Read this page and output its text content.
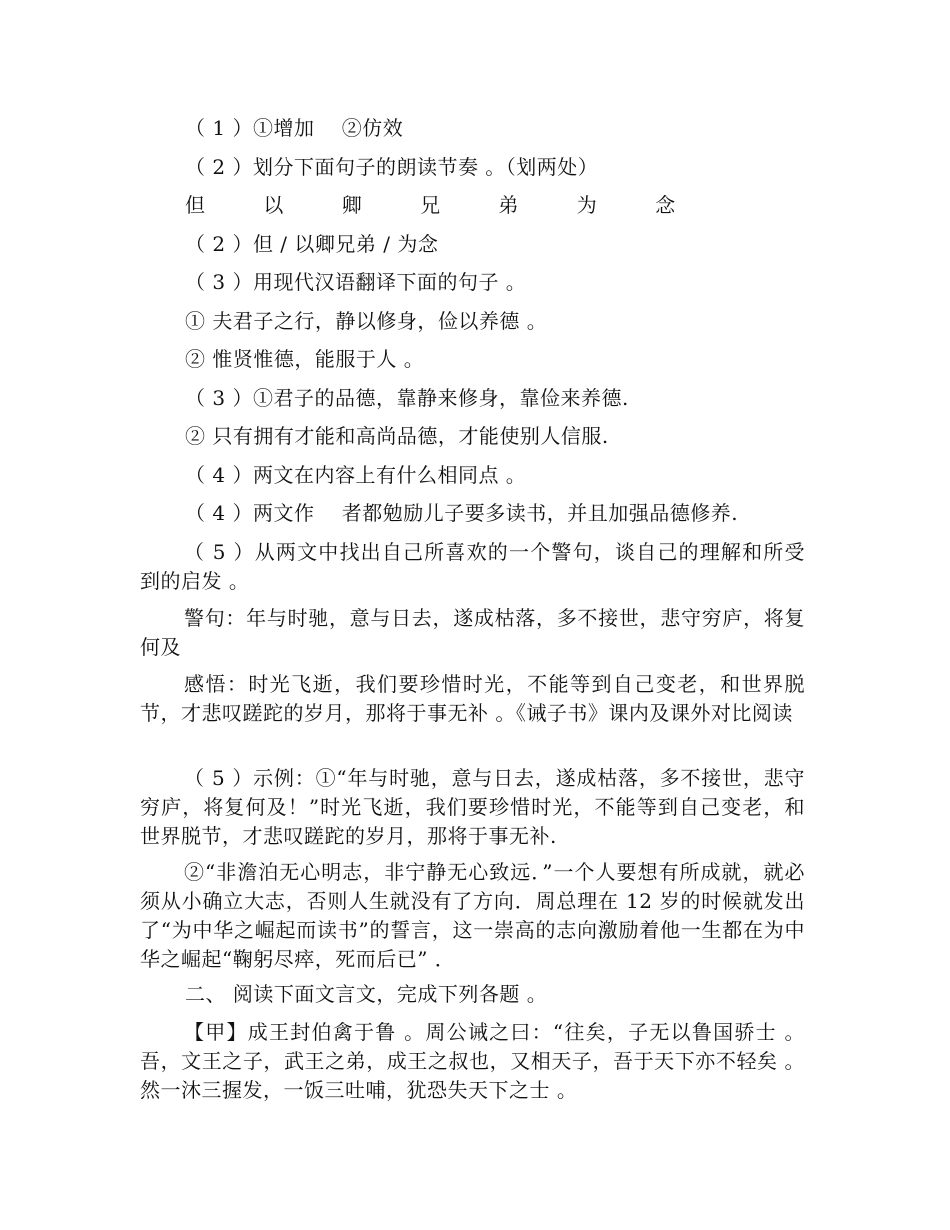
（ 1 ）①增加　 ②仿效
（ 2 ）划分下面句子的朗读节奏 。（划两处）
但 以 卿 兄 弟 为 念
（ 2 ）但 / 以卿兄弟 / 为念
（ 3 ）用现代汉语翻译下面的句子 。
① 夫君子之行，静以修身，俭以养德 。
② 惟贤惟德，能服于人 。
（ 3 ）①君子的品德，靠静来修身，靠俭来养德.
② 只有拥有才能和高尚品德，才能使别人信服.
（ 4 ）两文在内容上有什么相同点 。
（ 4 ）两文作　 者都勉励儿子要多读书，并且加强品德修养.
（ 5 ）从两文中找出自己所喜欢的一个警句，谈自己的理解和所受到的启发 。
警句：年与时驰，意与日去，遂成枯落，多不接世，悲守穷庐，将复何及
感悟：时光飞逝，我们要珍惜时光，不能等到自己变老，和世界脱节，才悲叹蹉跎的岁月，那将于事无补 。《诫子书》课内及课外对比阅读
（ 5 ）示例：①“年与时驰，意与日去，遂成枯落，多不接世，悲守穷庐，将复何及！”时光飞逝，我们要珍惜时光，不能等到自己变老，和世界脱节，才悲叹蹉跎的岁月，那将于事无补.
②“非澹泊无心明志，非宁静无心致远．”一个人要想有所成就，就必须从小确立大志，否则人生就没有了方向．周总理在 12 岁的时候就发出了“为中华之崛起而读书”的誓言，这一崇高的志向激励着他一生都在为中华之崛起“鞠躬尽瘁，死而后已” ．
二、 阅读下面文言文，完成下列各题 。
【甲】成王封伯禽于鲁 。周公诫之曰：“往矣，子无以鲁国骄士 。吾，文王之子，武王之弟，成王之叔也，又相天子，吾于天下亦不轻矣 。然一沐三握发，一饭三吐哺，犹恐失天下之士 。
